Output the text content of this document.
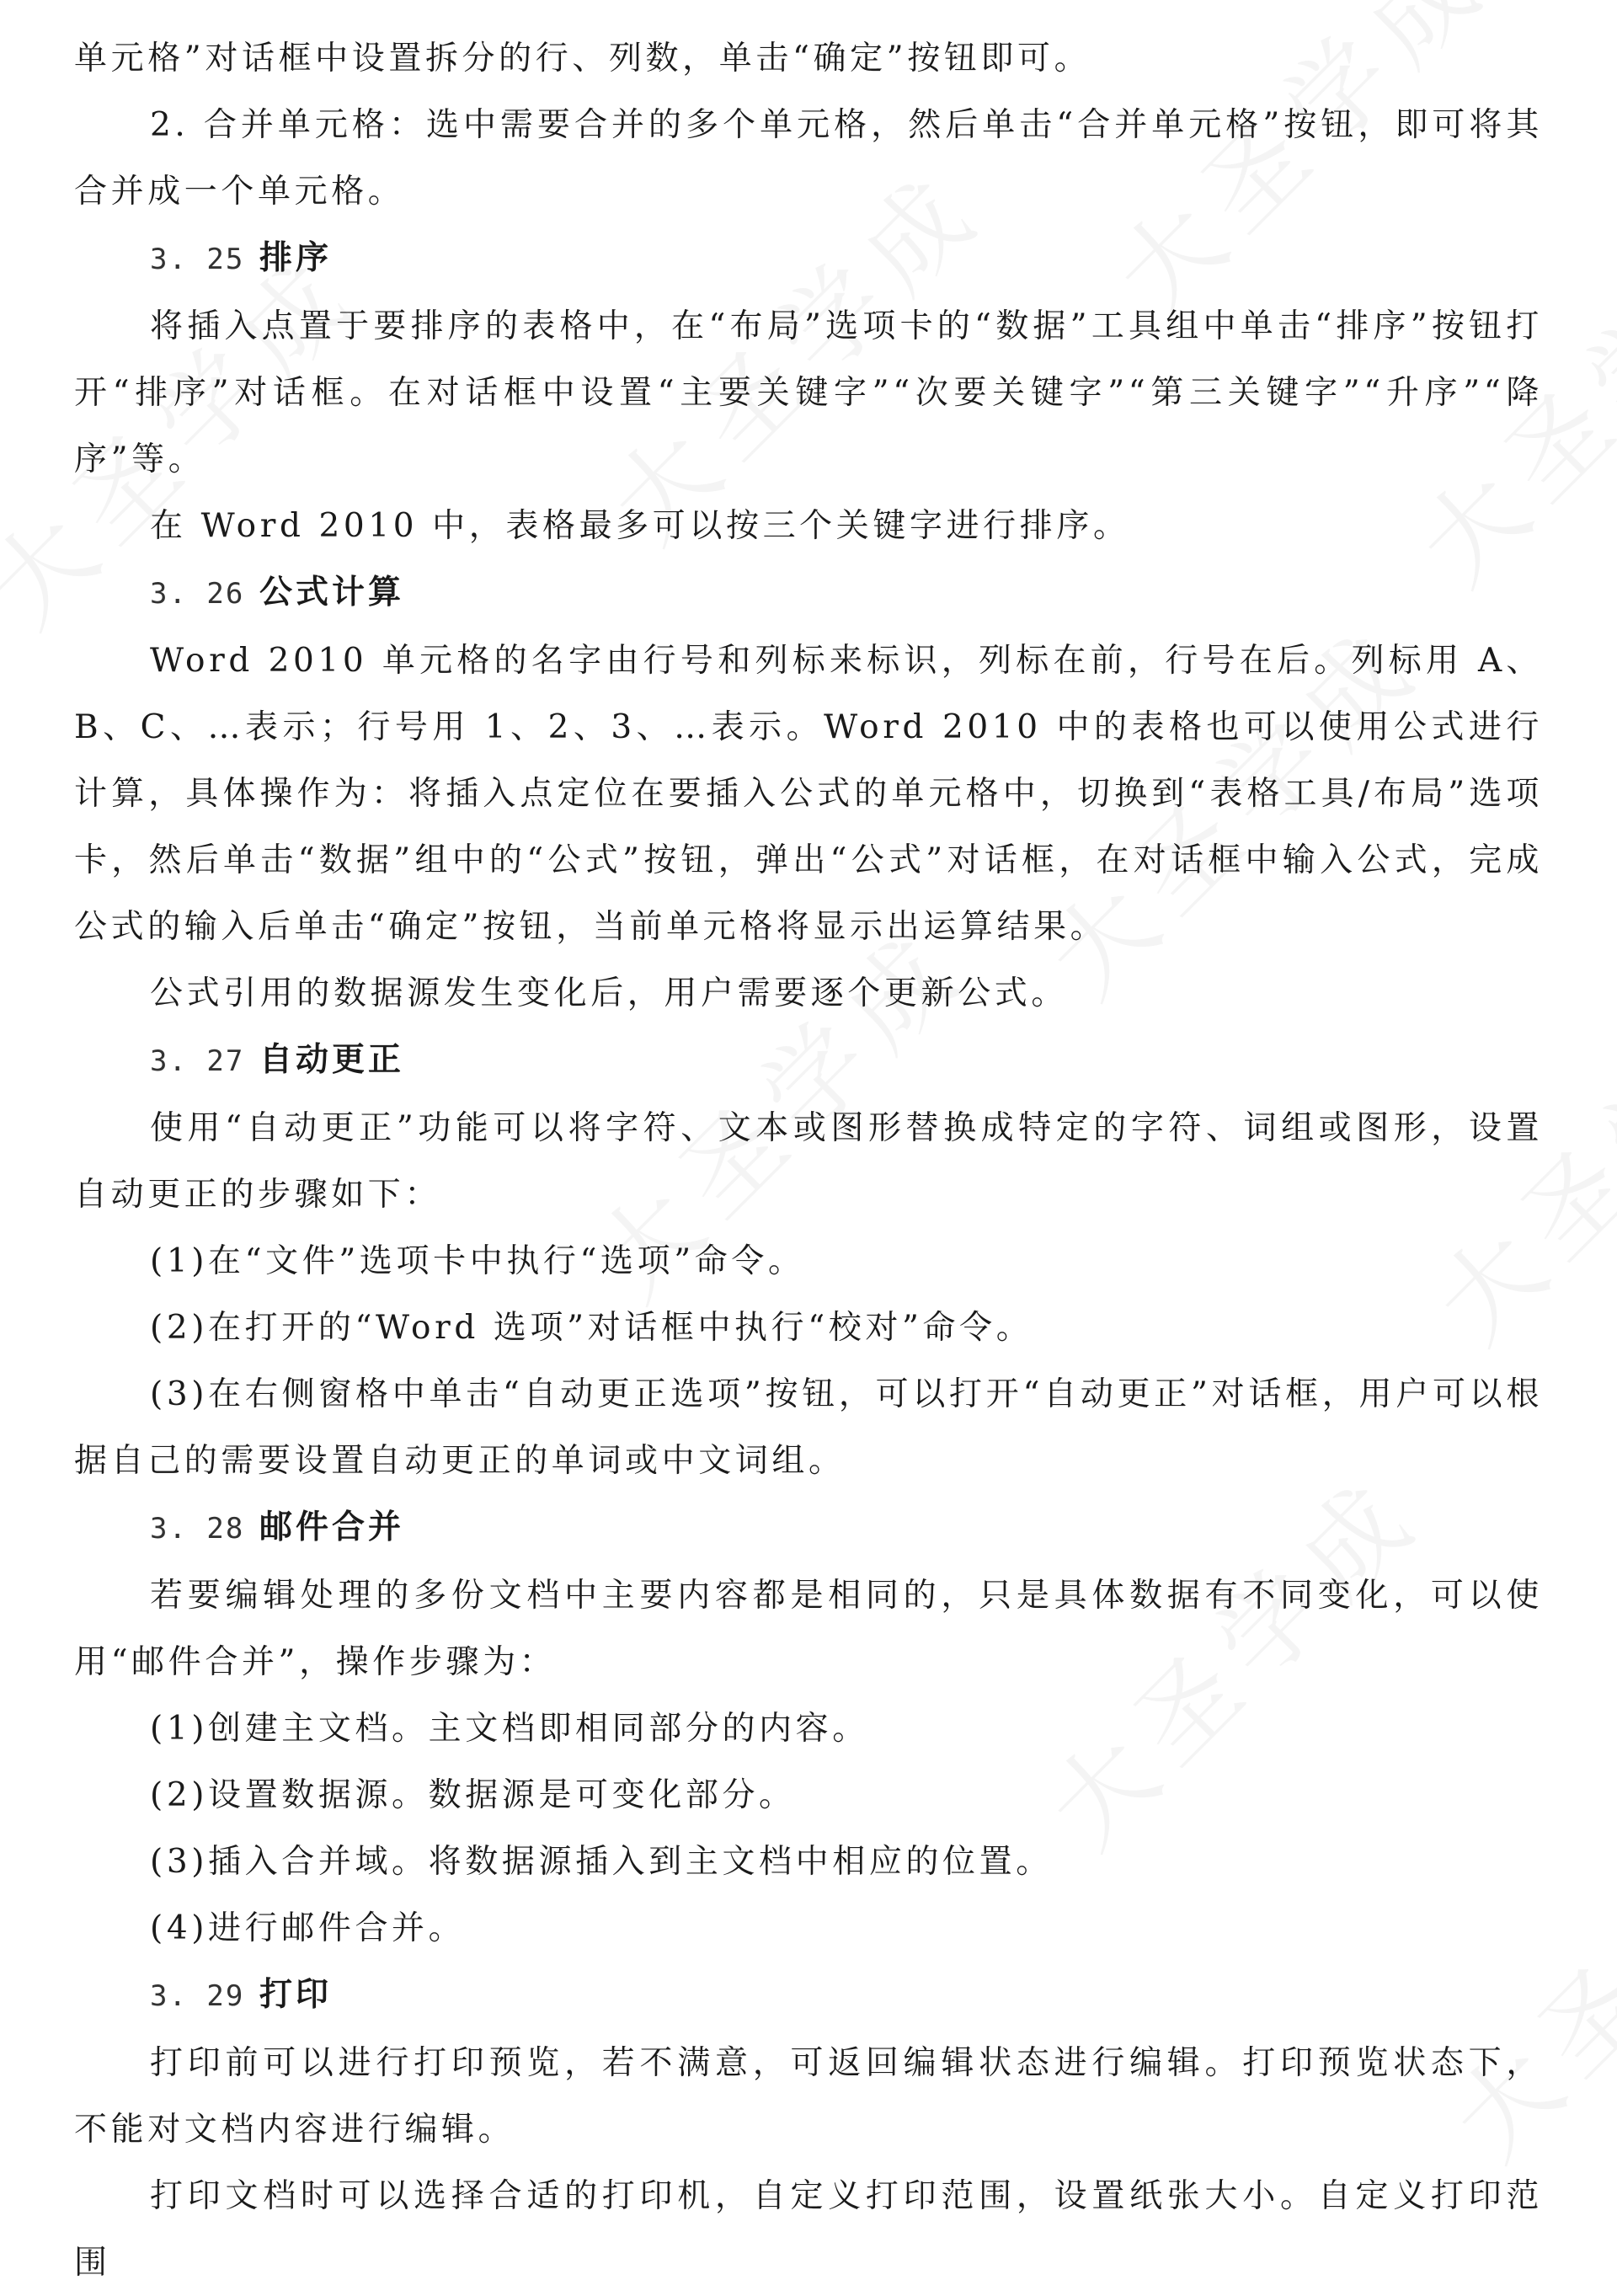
单元格”对话框中设置拆分的行、列数，单击“确定”按钮即可。

2. 合并单元格：选中需要合并的多个单元格，然后单击“合并单元格”按钮，即可将其合并成一个单元格。

3. 25 排序

将插入点置于要排序的表格中，在“布局”选项卡的“数据”工具组中单击“排序”按钮打开“排序”对话框。在对话框中设置“主要关键字”“次要关键字”“第三关键字”“升序”“降序”等。

在 Word 2010 中，表格最多可以按三个关键字进行排序。

3. 26 公式计算

Word 2010 单元格的名字由行号和列标来标识，列标在前，行号在后。列标用 A、B、C、…表示；行号用 1、2、3、…表示。Word 2010 中的表格也可以使用公式进行计算，具体操作为：将插入点定位在要插入公式的单元格中，切换到“表格工具/布局”选项卡，然后单击“数据”组中的“公式”按钮，弹出“公式”对话框，在对话框中输入公式，完成公式的输入后单击“确定”按钮，当前单元格将显示出运算结果。

公式引用的数据源发生变化后，用户需要逐个更新公式。

3. 27 自动更正

使用“自动更正”功能可以将字符、文本或图形替换成特定的字符、词组或图形，设置自动更正的步骤如下：

(1)在“文件”选项卡中执行“选项”命令。

(2)在打开的“Word 选项”对话框中执行“校对”命令。

(3)在右侧窗格中单击“自动更正选项”按钮，可以打开“自动更正”对话框，用户可以根据自己的需要设置自动更正的单词或中文词组。

3. 28 邮件合并

若要编辑处理的多份文档中主要内容都是相同的，只是具体数据有不同变化，可以使用“邮件合并”，操作步骤为：

(1)创建主文档。主文档即相同部分的内容。

(2)设置数据源。数据源是可变化部分。

(3)插入合并域。将数据源插入到主文档中相应的位置。

(4)进行邮件合并。

3. 29 打印

打印前可以进行打印预览，若不满意，可返回编辑状态进行编辑。打印预览状态下，不能对文档内容进行编辑。

打印文档时可以选择合适的打印机，自定义打印范围，设置纸张大小。自定义打印范围
